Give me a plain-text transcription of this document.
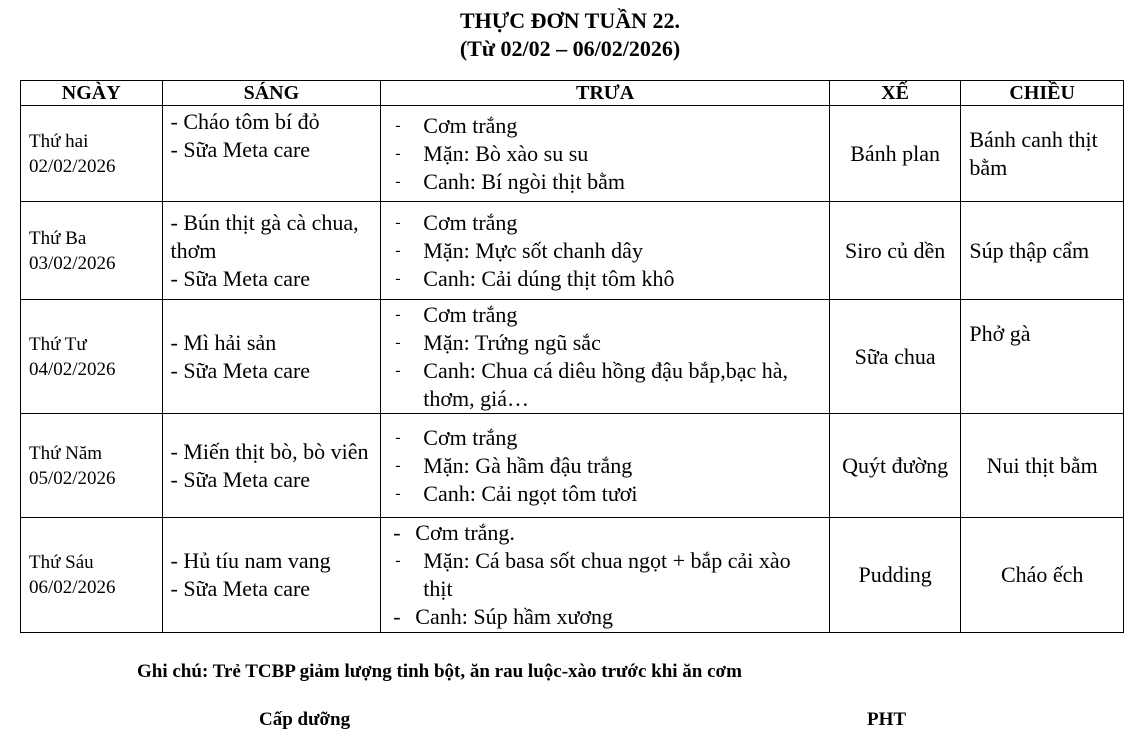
THỰC ĐƠN TUẦN 22.
(Từ 02/02 – 06/02/2026)
NGÀY	SÁNG	TRƯA	XẾ	CHIỀU

Thứ hai
02/02/2026

- Cháo tôm bí đỏ
- Sữa Meta care

-	Cơm trắng
-	Mặn: Bò xào su su
-	Canh: Bí ngòi thịt bằm
	Bánh plan	Bánh canh thịt bằm

Thứ Ba
03/02/2026

- Bún thịt gà cà chua, thơm
- Sữa Meta care

-	Cơm trắng
-	Mặn: Mực sốt chanh dây
-	Canh: Cải dúng thịt tôm khô
	Siro củ dền	Súp thập cẩm

Thứ Tư
04/02/2026

- Mì hải sản
- Sữa Meta care

-	Cơm trắng
-	Mặn: Trứng ngũ sắc
-	Canh: Chua cá diêu hồng đậu bắp,bạc hà, thơm, giá…
	Sữa chua	Phở gà

Thứ Năm
05/02/2026

- Miến thịt bò, bò viên
- Sữa Meta care

-	Cơm trắng
-	Mặn: Gà hầm đậu trắng
-	Canh: Cải ngọt tôm tươi
	Quýt đường	Nui thịt bằm

Thứ Sáu
06/02/2026

- Hủ tíu nam vang
- Sữa Meta care

- Cơm trắng.
-	Mặn: Cá basa sốt chua ngọt + bắp cải xào thịt
- Canh: Súp hầm xương
	Pudding	Cháo ếch
Ghi chú: Trẻ TCBP giảm lượng tinh bột, ăn rau luộc-xào trước khi ăn cơm
Cấp dưỡng	PHT
